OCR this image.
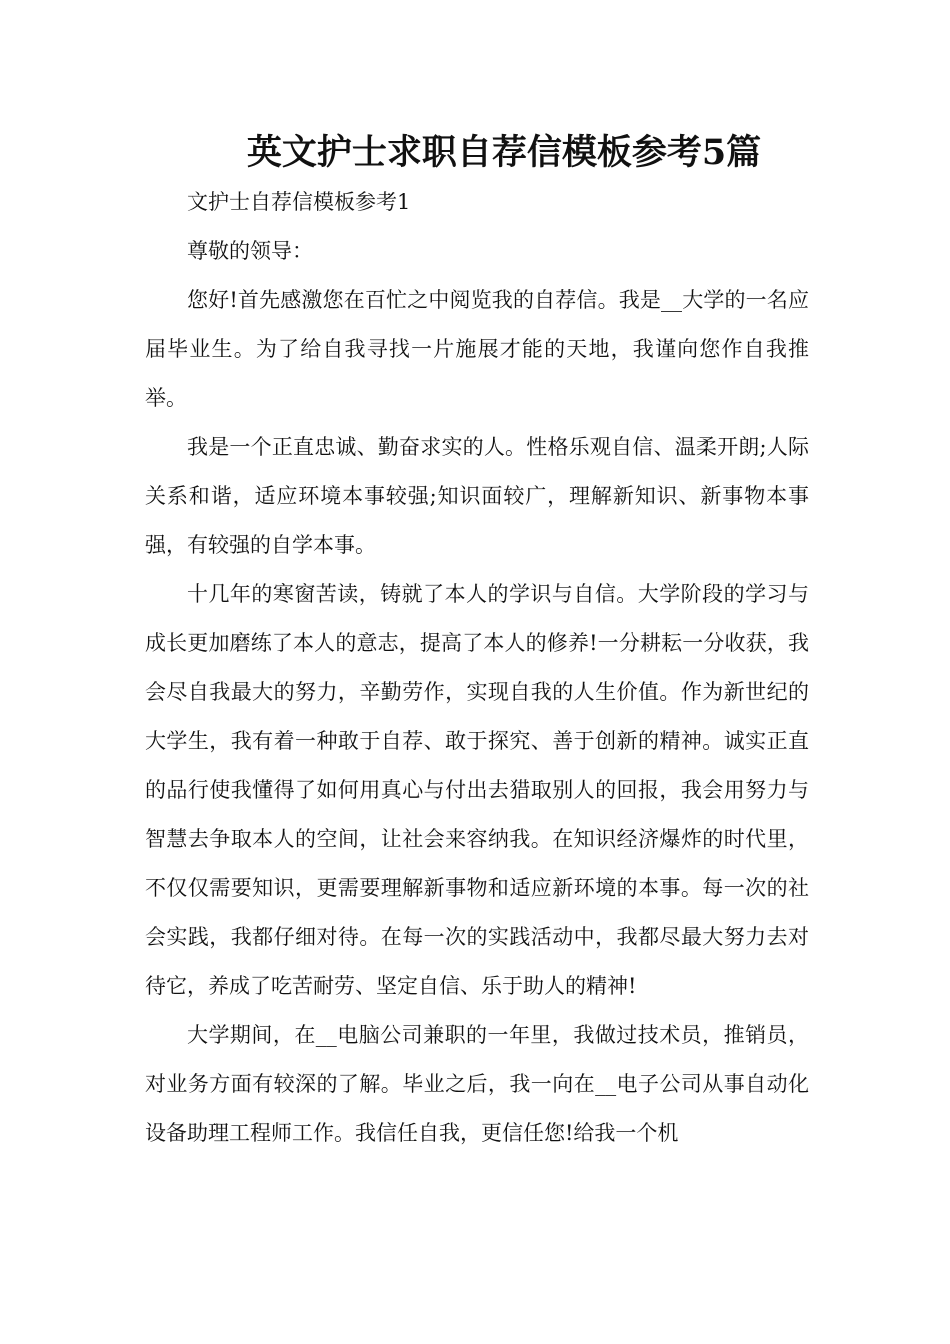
英文护士求职自荐信模板参考5篇

文护士自荐信模板参考1

尊敬的领导：

您好!首先感激您在百忙之中阅览我的自荐信。我是__大学的一名应届毕业生。为了给自我寻找一片施展才能的天地，我谨向您作自我推举。

我是一个正直忠诚、勤奋求实的人。性格乐观自信、温柔开朗;人际关系和谐，适应环境本事较强;知识面较广，理解新知识、新事物本事强，有较强的自学本事。

十几年的寒窗苦读，铸就了本人的学识与自信。大学阶段的学习与成长更加磨练了本人的意志，提高了本人的修养!一分耕耘一分收获，我会尽自我最大的努力，辛勤劳作，实现自我的人生价值。作为新世纪的大学生，我有着一种敢于自荐、敢于探究、善于创新的精神。诚实正直的品行使我懂得了如何用真心与付出去猎取别人的回报，我会用努力与智慧去争取本人的空间，让社会来容纳我。在知识经济爆炸的时代里，不仅仅需要知识，更需要理解新事物和适应新环境的本事。每一次的社会实践，我都仔细对待。在每一次的实践活动中，我都尽最大努力去对待它，养成了吃苦耐劳、坚定自信、乐于助人的精神!

大学期间，在__电脑公司兼职的一年里，我做过技术员，推销员，对业务方面有较深的了解。毕业之后，我一向在__电子公司从事自动化设备助理工程师工作。我信任自我，更信任您!给我一个机
